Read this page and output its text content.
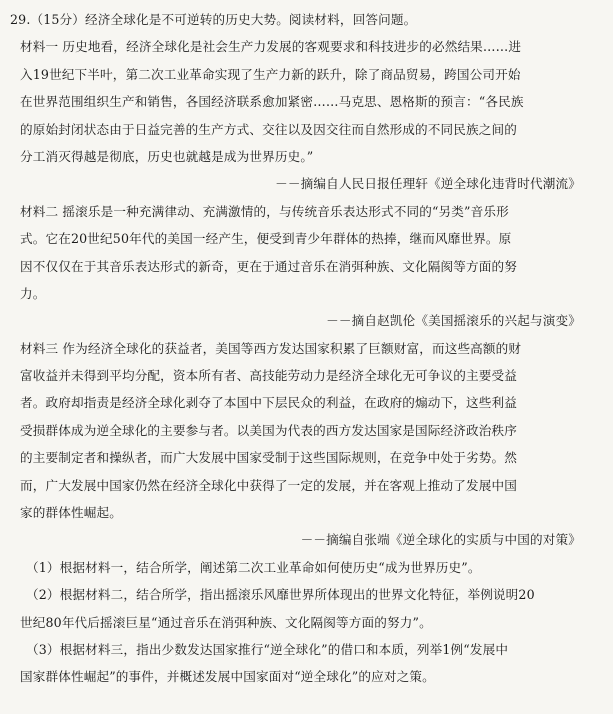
29.（15分）经济全球化是不可逆转的历史大势。阅读材料，回答问题。
材料一 历史地看，经济全球化是社会生产力发展的客观要求和科技进步的必然结果……进
入19世纪下半叶，第二次工业革命实现了生产力新的跃升，除了商品贸易，跨国公司开始
在世界范围组织生产和销售，各国经济联系愈加紧密……马克思、恩格斯的预言：“各民族
的原始封闭状态由于日益完善的生产方式、交往以及因交往而自然形成的不同民族之间的
分工消灭得越是彻底，历史也就越是成为世界历史。”
－－摘编自人民日报任理轩《逆全球化违背时代潮流》
材料二 摇滚乐是一种充满律动、充满激情的，与传统音乐表达形式不同的“另类”音乐形
式。它在20世纪50年代的美国一经产生，便受到青少年群体的热捧，继而风靡世界。原
因不仅仅在于其音乐表达形式的新奇，更在于通过音乐在消弭种族、文化隔阂等方面的努
力。
－－摘自赵凯伦《美国摇滚乐的兴起与演变》
材料三 作为经济全球化的获益者，美国等西方发达国家积累了巨额财富，而这些高额的财
富收益并未得到平均分配，资本所有者、高技能劳动力是经济全球化无可争议的主要受益
者。政府却指责是经济全球化剥夺了本国中下层民众的利益，在政府的煽动下，这些利益
受损群体成为逆全球化的主要参与者。以美国为代表的西方发达国家是国际经济政治秩序
的主要制定者和操纵者，而广大发展中国家受制于这些国际规则，在竞争中处于劣势。然
而，广大发展中国家仍然在经济全球化中获得了一定的发展，并在客观上推动了发展中国
家的群体性崛起。
－－摘编自张端《逆全球化的实质与中国的对策》
（1）根据材料一，结合所学，阐述第二次工业革命如何使历史“成为世界历史”。
（2）根据材料二，结合所学，指出摇滚乐风靡世界所体现出的世界文化特征，举例说明20
世纪80年代后摇滚巨星“通过音乐在消弭种族、文化隔阂等方面的努力”。
（3）根据材料三，指出少数发达国家推行“逆全球化”的借口和本质，列举1例“发展中
国家群体性崛起”的事件，并概述发展中国家面对“逆全球化”的应对之策。
